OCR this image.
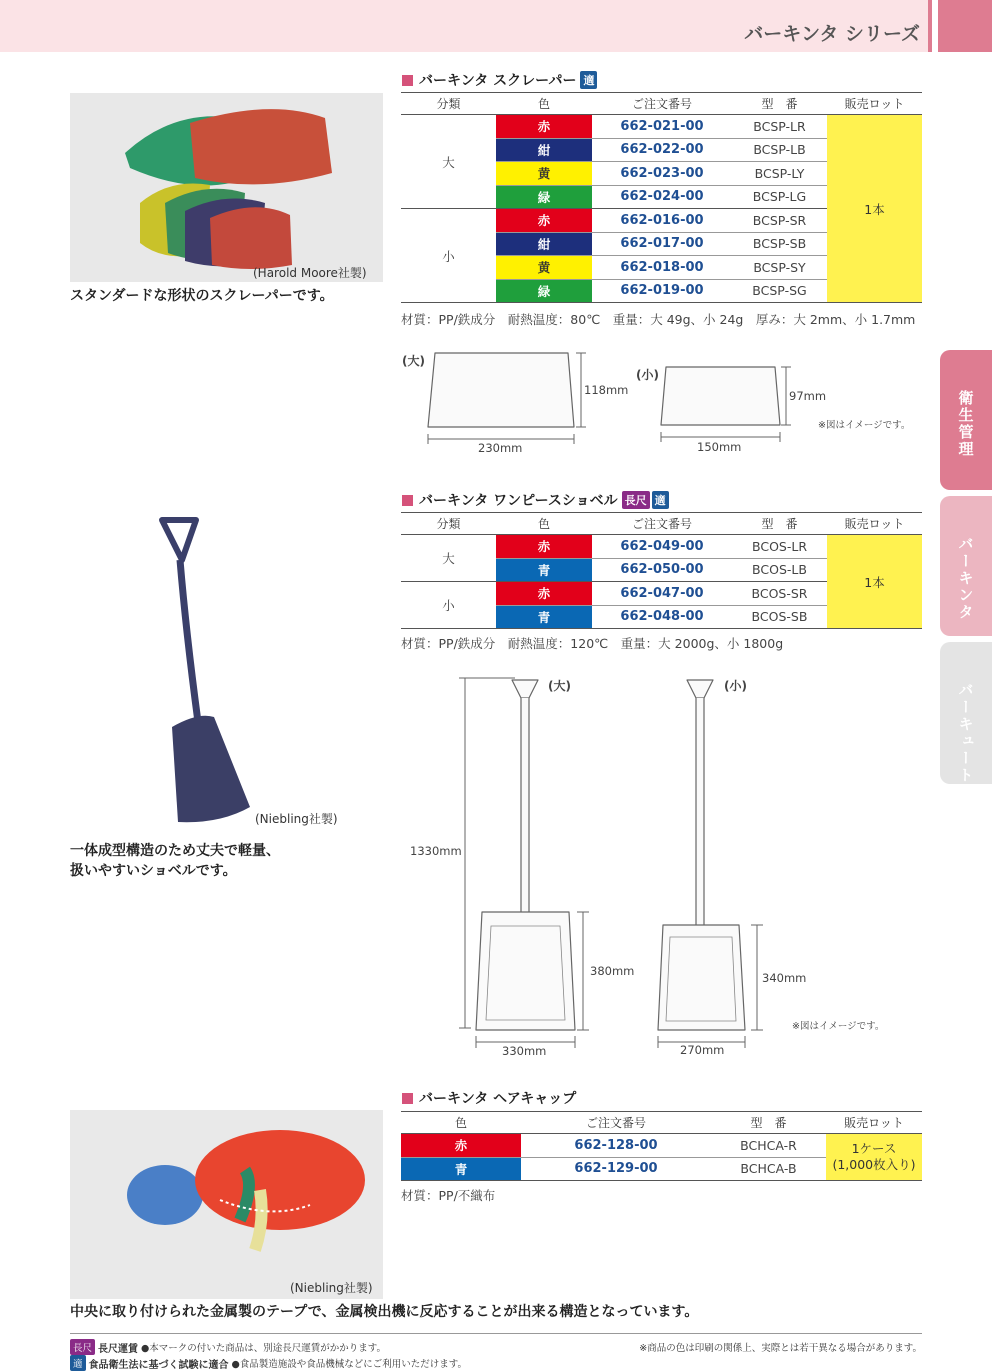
バーキンタ シリーズ
衛生管理
バーキンタ
バーキュート
(Harold Moore社製)
スタンダードな形状のスクレーパーです。
バーキンタ スクレーパー 適
分類	色	ご注文番号	型　番	販売ロット
大	赤	662-021-00	BCSP-LR	1本
	紺	662-022-00	BCSP-LB	
	黄	662-023-00	BCSP-LY	
	緑	662-024-00	BCSP-LG	
小	赤	662-016-00	BCSP-SR	
	紺	662-017-00	BCSP-SB	
	黄	662-018-00	BCSP-SY	
	緑	662-019-00	BCSP-SG	
材質：PP/鉄成分　耐熱温度：80℃　重量：大 49g、小 24g　厚み：大 2mm、小 1.7mm
(大)
118mm
230mm
(小)
97mm
150mm
※図はイメージです。
(Niebling社製)
一体成型構造のため丈夫で軽量、
扱いやすいショベルです。
バーキンタ ワンピースショベル 長尺 適
分類	色	ご注文番号	型　番	販売ロット
大	赤	662-049-00	BCOS-LR	1本
	青	662-050-00	BCOS-LB	
小	赤	662-047-00	BCOS-SR	
	青	662-048-00	BCOS-SB	
材質：PP/鉄成分　耐熱温度：120℃　重量：大 2000g、小 1800g
(大)	(小)
1330mm
380mm
330mm
340mm
270mm
※図はイメージです。
(Niebling社製)
バーキンタ ヘアキャップ
色	ご注文番号	型　番	販売ロット
赤	662-128-00	BCHCA-R	1ケース
(1,000枚入り)

青	662-129-00	BCHCA-B	
材質：PP/不織布
中央に取り付けられた金属製のテープで、金属検出機に反応することが出来る構造となっています。
長尺 長尺運賃 ●本マークの付いた商品は、別途長尺運賃がかかります。	※商品の色は印刷の関係上、実際とは若干異なる場合があります。
適 食品衛生法に基づく試験に適合 ●食品製造施設や食品機械などにご利用いただけます。
